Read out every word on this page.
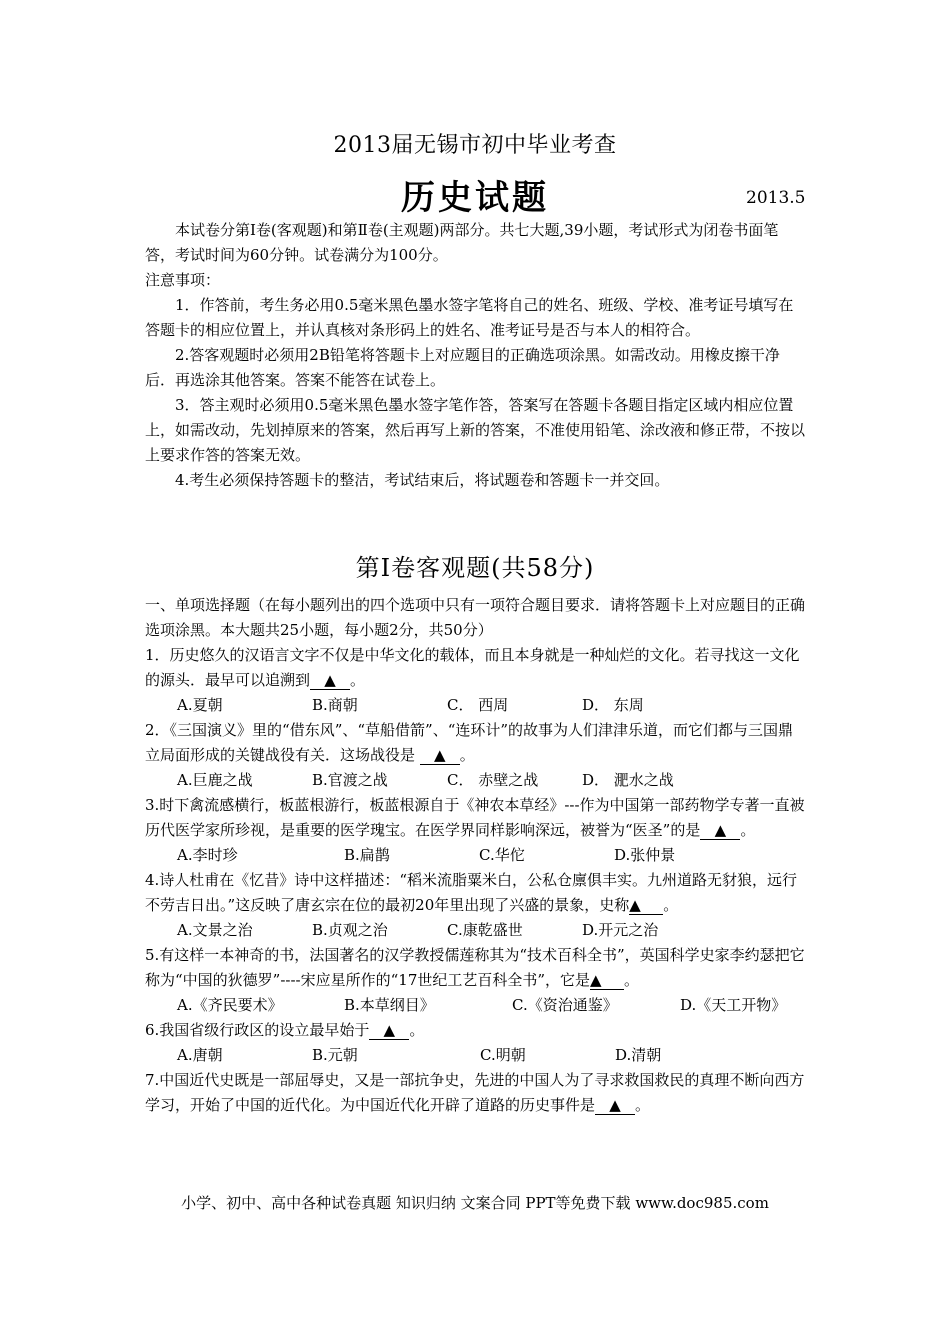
2013届无锡市初中毕业考查
历史试题	2013.5

本试卷分第Ⅰ卷(客观题)和第Ⅱ卷(主观题)两部分。共七大题,39小题，考试形式为闭卷书面笔答，考试时间为60分钟。试卷满分为100分。

注意事项：

1．作答前，考生务必用0.5毫米黑色墨水签字笔将自己的姓名、班级、学校、准考证号填写在答题卡的相应位置上，并认真核对条形码上的姓名、准考证号是否与本人的相符合。

2.答客观题时必须用2B铅笔将答题卡上对应题目的正确选项涂黑。如需改动。用橡皮擦干净后．再选涂其他答案。答案不能答在试卷上。

3．答主观时必须用0.5毫米黑色墨水签字笔作答，答案写在答题卡各题目指定区域内相应位置上，如需改动，先划掉原来的答案，然后再写上新的答案，不准使用铅笔、涂改液和修正带，不按以上要求作答的答案无效。

4.考生必须保持答题卡的整洁，考试结束后，将试题卷和答题卡一并交回。

第Ⅰ卷客观题(共58分)

一、单项选择题（在每小题列出的四个选项中只有一项符合题目要求．请将答题卡上对应题目的正确选项涂黑。本大题共25小题，每小题2分，共50分）

1．历史悠久的汉语言文字不仅是中华文化的载体，而且本身就是一种灿烂的文化。若寻找这一文化的源头．最早可以追溯到 ▲ 。

A.夏朝	B.商朝	C． 西周	D． 东周

2．《三国演义》里的“借东风”、“草船借箭”、“连环计”的故事为人们津津乐道，而它们都与三国鼎立局面形成的关键战役有关．这场战役是 ▲ 。

A.巨鹿之战	B.官渡之战	C． 赤壁之战	D． 淝水之战

3.时下禽流感横行，板蓝根游行，板蓝根源自于《神农本草经》---作为中国第一部药物学专著一直被历代医学家所珍视，是重要的医学瑰宝。在医学界同样影响深远，被誉为“医圣”的是 ▲ 。

A.李时珍	B.扁鹊	C.华佗	D.张仲景

4.诗人杜甫在《忆昔》诗中这样描述：“稻米流脂粟米白，公私仓廪俱丰实。九州道路无豺狼，远行不劳吉日出。”这反映了唐玄宗在位的最初20年里出现了兴盛的景象，史称▲ 。

A.文景之治	B.贞观之治	C.康乾盛世	D.开元之治

5.有这样一本神奇的书，法国著名的汉学教授儒莲称其为“技术百科全书”，英国科学史家李约瑟把它称为“中国的狄德罗”----宋应星所作的“17世纪工艺百科全书”，它是▲ 。

A.《齐民要术》	B.本草纲目》	C.《资治通鉴》	D.《天工开物》

6.我国省级行政区的设立最早始于 ▲ 。

A.唐朝	B.元朝	C.明朝	D.清朝

7.中国近代史既是一部屈辱史，又是一部抗争史，先进的中国人为了寻求救国救民的真理不断向西方学习，开始了中国的近代化。为中国近代化开辟了道路的历史事件是 ▲ 。

小学、初中、高中各种试卷真题 知识归纳 文案合同 PPT等免费下载 www.doc985.com
